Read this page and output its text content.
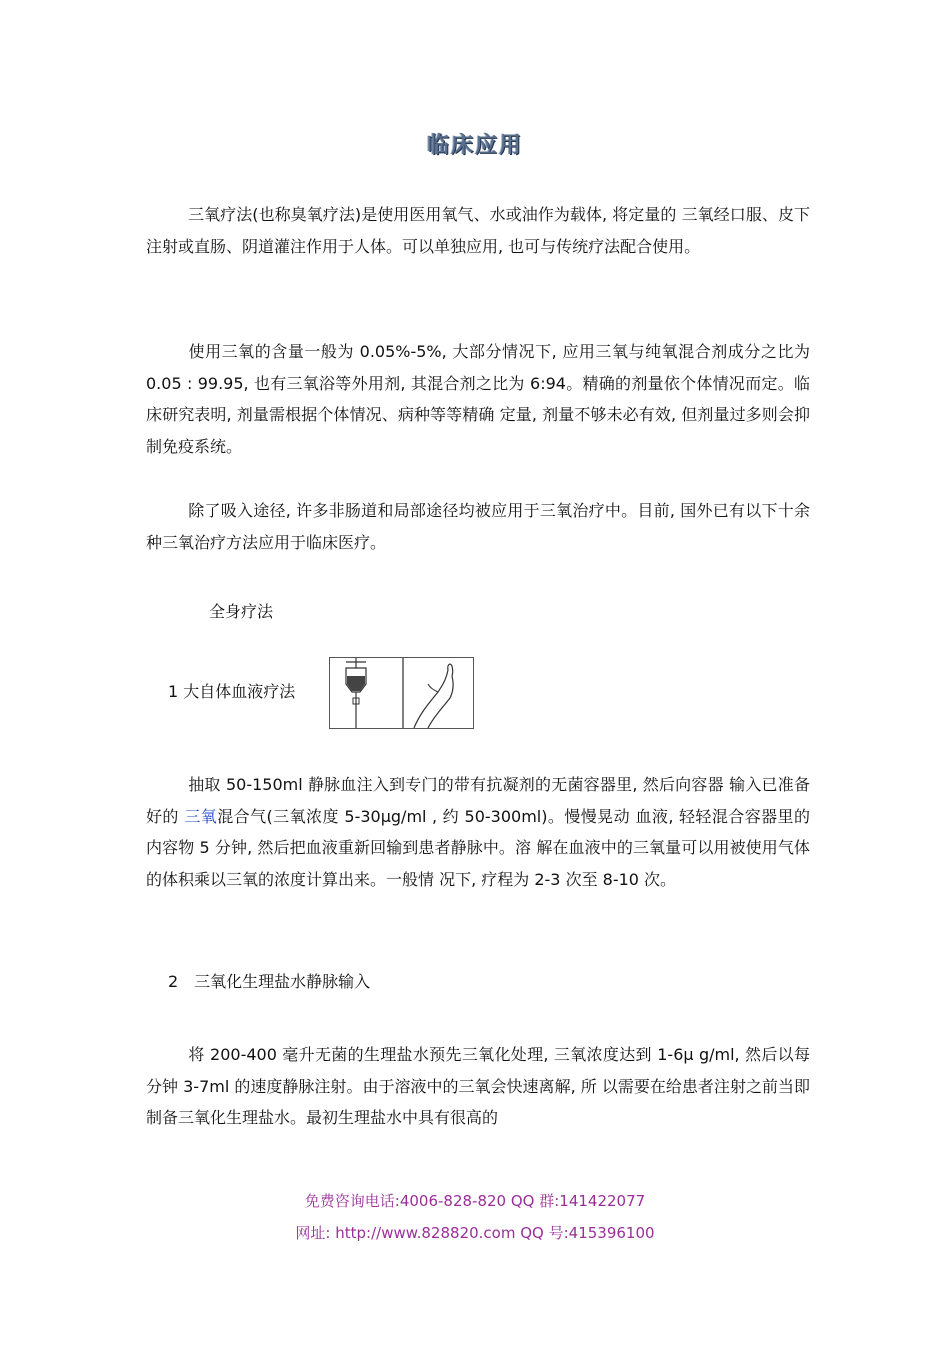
临床应用
三氧疗法(也称臭氧疗法)是使用医用氧气、水或油作为载体, 将定量的 三氧经口服、皮下注射或直肠、阴道灌注作用于人体。可以单独应用, 也可与传统疗法配合使用。
使用三氧的含量一般为 0.05%-5%, 大部分情况下, 应用三氧与纯氧混合剂成分之比为 0.05 : 99.95, 也有三氧浴等外用剂, 其混合剂之比为 6:94。精确的剂量依个体情况而定。临床研究表明, 剂量需根据个体情况、病种等等精确 定量, 剂量不够未必有效, 但剂量过多则会抑制免疫系统。
除了吸入途径, 许多非肠道和局部途径均被应用于三氧治疗中。目前, 国外已有以下十余种三氧治疗方法应用于临床医疗。
全身疗法
1 大自体血液疗法
抽取 50-150ml 静脉血注入到专门的带有抗凝剂的无菌容器里, 然后向容器 输入已准备好的 三氧混合气(三氧浓度 5-30μg/ml , 约 50-300ml)。慢慢晃动 血液, 轻轻混合容器里的内容物 5 分钟, 然后把血液重新回输到患者静脉中。溶 解在血液中的三氧量可以用被使用气体的体积乘以三氧的浓度计算出来。一般情 况下, 疗程为 2-3 次至 8-10 次。
2　三氧化生理盐水静脉输入
将 200-400 毫升无菌的生理盐水预先三氧化处理, 三氧浓度达到 1-6μ g/ml, 然后以每分钟 3-7ml 的速度静脉注射。由于溶液中的三氧会快速离解, 所 以需要在给患者注射之前当即制备三氧化生理盐水。最初生理盐水中具有很高的
免费咨询电话:4006-828-820 QQ 群:141422077
网址: http://www.828820.com QQ 号:415396100
